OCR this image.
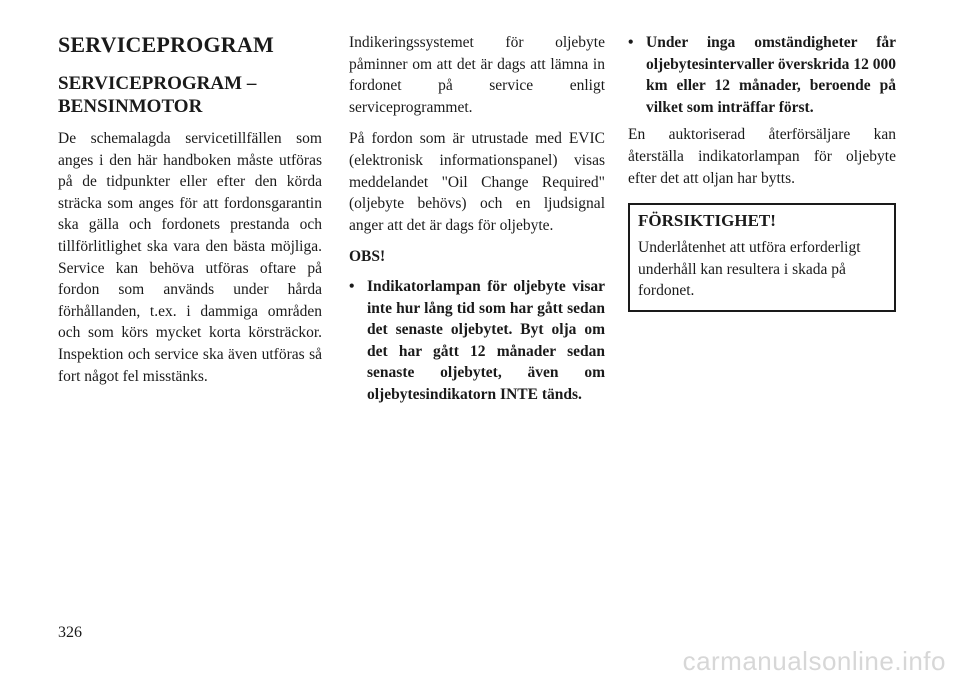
SERVICEPROGRAM
SERVICEPROGRAM –
BENSINMOTOR

De schemalagda servicetillfällen som anges i den här handboken måste utföras på de tidpunkter eller efter den körda sträcka som anges för att fordonsgarantin ska gälla och fordonets prestanda och tillförlitlighet ska vara den bästa möjliga. Service kan behöva utföras oftare på fordon som används under hårda förhållanden, t.ex. i dammiga områden och som körs mycket korta körsträckor. Inspektion och service ska även utföras så fort något fel misstänks.

Indikeringssystemet för oljebyte påminner om att det är dags att lämna in fordonet på service enligt serviceprogrammet.

På fordon som är utrustade med EVIC (elektronisk informationspanel) visas meddelandet "Oil Change Required" (oljebyte behövs) och en ljudsignal anger att det är dags för oljebyte.

OBS!

• Indikatorlampan för oljebyte visar inte hur lång tid som har gått sedan det senaste oljebytet. Byt olja om det har gått 12 månader sedan senaste oljebytet, även om oljebytesindikatorn INTE tänds.
• Under inga omständigheter får oljebytesintervaller överskrida 12 000 km eller 12 månader, beroende på vilket som inträffar först.

En auktoriserad återförsäljare kan återställa indikatorlampan för oljebyte efter det att oljan har bytts.

FÖRSIKTIGHET!
Underlåtenhet att utföra erforderligt underhåll kan resultera i skada på fordonet.
326
carmanualsonline.info
